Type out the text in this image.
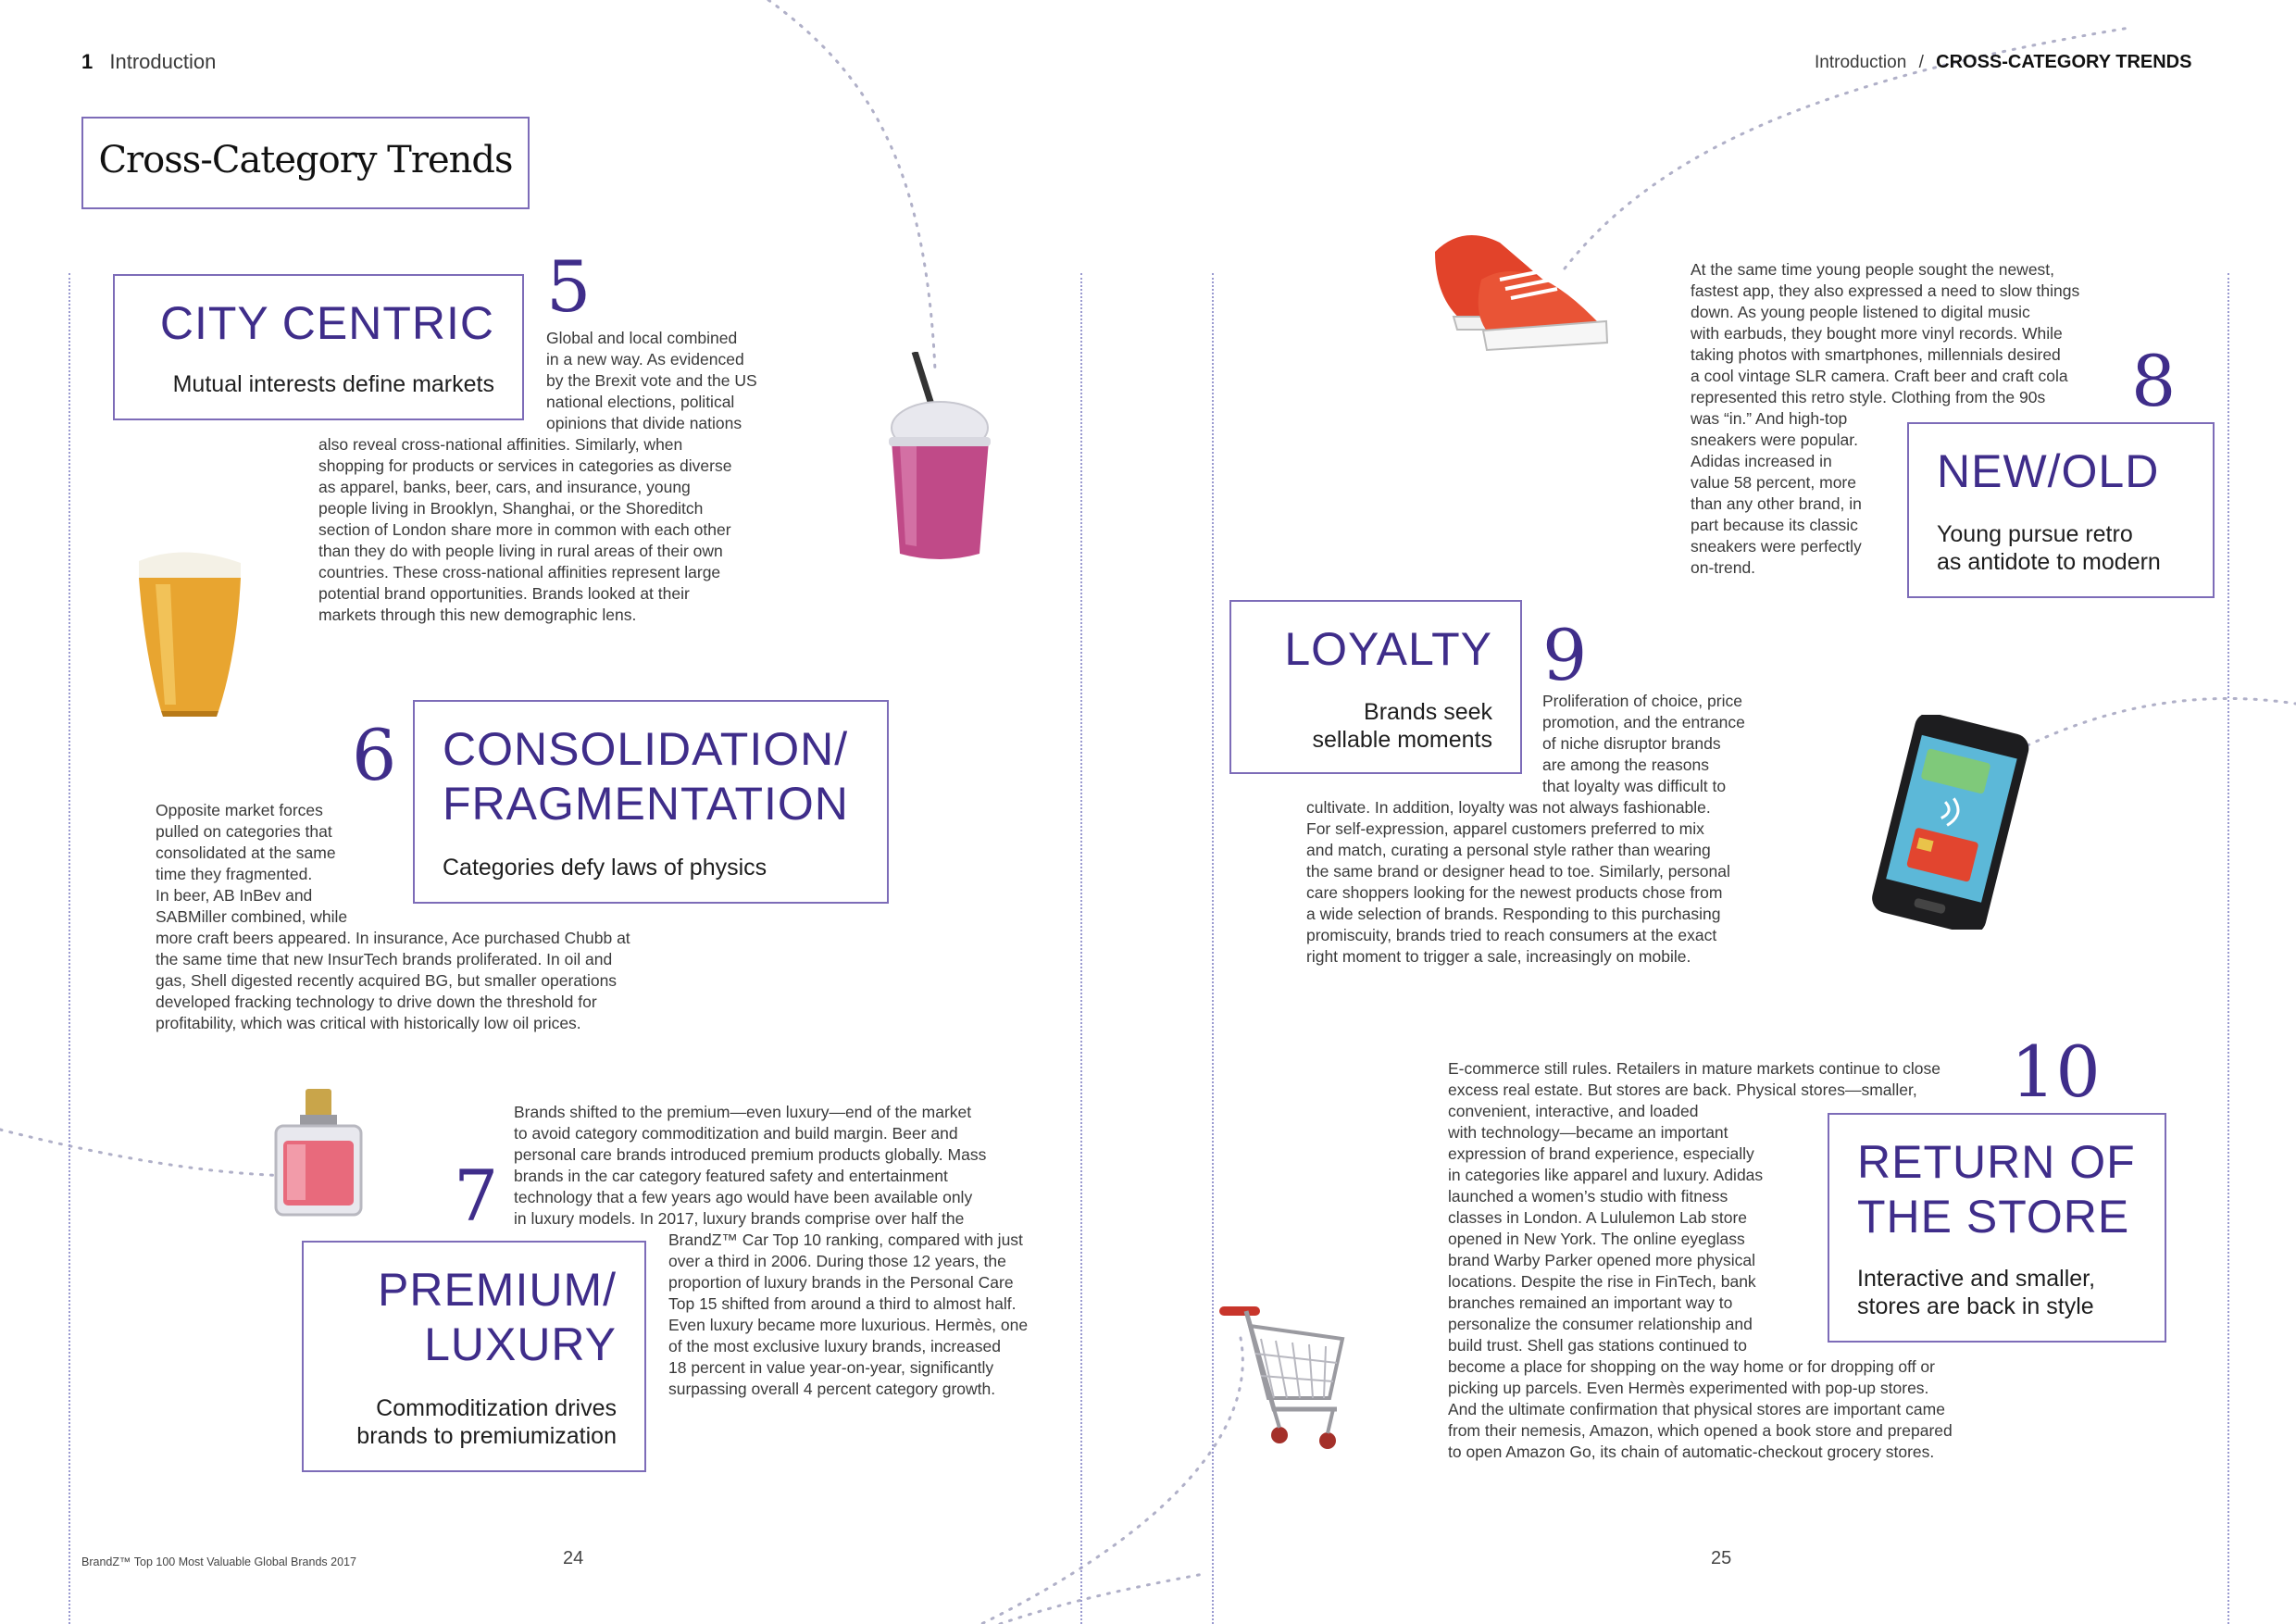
1 Introduction	Introduction / CROSS-CATEGORY TRENDS
Cross-Category Trends
CITY CENTRIC
Mutual interests define markets
5

Global and local combined

in a new way. As evidenced

by the Brexit vote and the US

national elections, political

opinions that divide nations

also reveal cross-national affinities. Similarly, when

shopping for products or services in categories as diverse

as apparel, banks, beer, cars, and insurance, young

people living in Brooklyn, Shanghai, or the Shoreditch

section of London share more in common with each other

than they do with people living in rural areas of their own

countries. These cross-national affinities represent large

potential brand opportunities. Brands looked at their

markets through this new demographic lens.

6 CONSOLIDATION/
FRAGMENTATION
Categories defy laws of physics

Opposite market forces

pulled on categories that

consolidated at the same

time they fragmented.

In beer, AB InBev and

SABMiller combined, while

more craft beers appeared. In insurance, Ace purchased Chubb at

the same time that new InsurTech brands proliferated. In oil and

gas, Shell digested recently acquired BG, but smaller operations

developed fracking technology to drive down the threshold for

profitability, which was critical with historically low oil prices.

Brands shifted to the premium—even luxury—end of the market

to avoid category commoditization and build margin. Beer and

personal care brands introduced premium products globally. Mass

brands in the car category featured safety and entertainment

technology that a few years ago would have been available only

in luxury models. In 2017, luxury brands comprise over half the

7
PREMIUM/
LUXURY
Commoditization drives
brands to premiumization

BrandZ™ Car Top 10 ranking, compared with just

over a third in 2006. During those 12 years, the

proportion of luxury brands in the Personal Care

Top 15 shifted from around a third to almost half.

Even luxury became more luxurious. Hermès, one

of the most exclusive luxury brands, increased

18 percent in value year-on-year, significantly

surpassing overall 4 percent category growth.

At the same time young people sought the newest,

fastest app, they also expressed a need to slow things

down. As young people listened to digital music

with earbuds, they bought more vinyl records. While

taking photos with smartphones, millennials desired

a cool vintage SLR camera. Craft beer and craft cola

represented this retro style. Clothing from the 90s

was “in.” And high-top

sneakers were popular.

Adidas increased in

value 58 percent, more

than any other brand, in

part because its classic

sneakers were perfectly

on-trend.

8
NEW/OLD
Young pursue retro
as antidote to modern
LOYALTY
Brands seek
sellable moments
9

Proliferation of choice, price

promotion, and the entrance

of niche disruptor brands

are among the reasons

that loyalty was difficult to

cultivate. In addition, loyalty was not always fashionable.

For self-expression, apparel customers preferred to mix

and match, curating a personal style rather than wearing

the same brand or designer head to toe. Similarly, personal

care shoppers looking for the newest products chose from

a wide selection of brands. Responding to this purchasing

promiscuity, brands tried to reach consumers at the exact

right moment to trigger a sale, increasingly on mobile.

E-commerce still rules. Retailers in mature markets continue to close

excess real estate. But stores are back. Physical stores—smaller,

convenient, interactive, and loaded

with technology—became an important

expression of brand experience, especially

in categories like apparel and luxury. Adidas

launched a women’s studio with fitness

classes in London. A Lululemon Lab store

opened in New York. The online eyeglass

brand Warby Parker opened more physical

locations. Despite the rise in FinTech, bank

branches remained an important way to

personalize the consumer relationship and

build trust. Shell gas stations continued to

become a place for shopping on the way home or for dropping off or

picking up parcels. Even Hermès experimented with pop-up stores.

And the ultimate confirmation that physical stores are important came

from their nemesis, Amazon, which opened a book store and prepared

to open Amazon Go, its chain of automatic-checkout grocery stores.

10
RETURN OF
THE STORE
Interactive and smaller,
stores are back in style
BrandZ™ Top 100 Most Valuable Global Brands 2017	24	25
